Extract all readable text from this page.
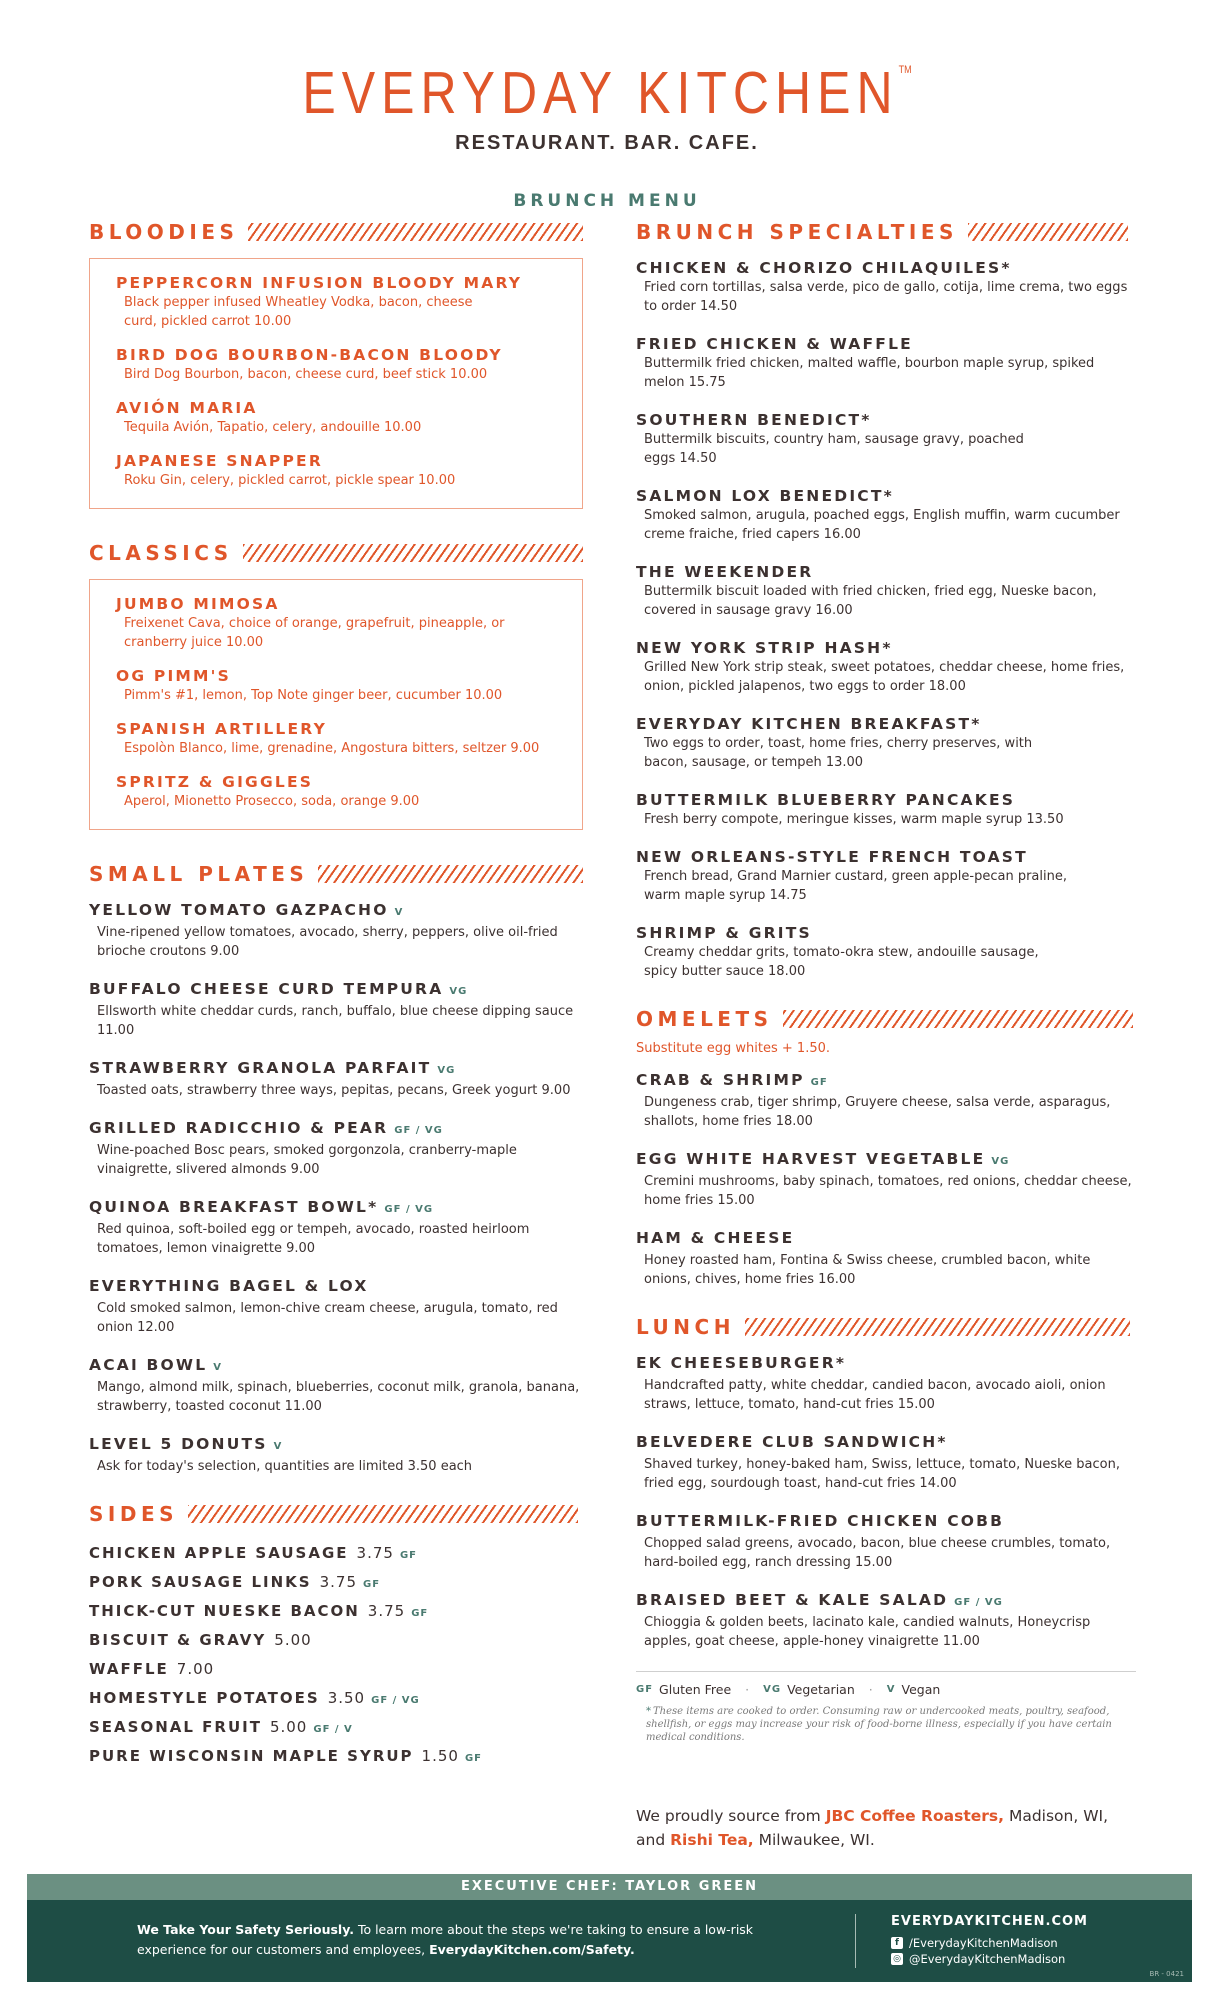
EVERYDAY KITCHEN™
RESTAURANT. BAR. CAFE.
BRUNCH MENU
BLOODIES
PEPPERCORN INFUSION BLOODY MARY
Black pepper infused Wheatley Vodka, bacon, cheese curd, pickled carrot 10.00
BIRD DOG BOURBON-BACON BLOODY
Bird Dog Bourbon, bacon, cheese curd, beef stick 10.00
AVIÓN MARIA
Tequila Avión, Tapatio, celery, andouille 10.00
JAPANESE SNAPPER
Roku Gin, celery, pickled carrot, pickle spear 10.00
CLASSICS
JUMBO MIMOSA
Freixenet Cava, choice of orange, grapefruit, pineapple, or cranberry juice 10.00
OG PIMM'S
Pimm's #1, lemon, Top Note ginger beer, cucumber 10.00
SPANISH ARTILLERY
Espolòn Blanco, lime, grenadine, Angostura bitters, seltzer 9.00
SPRITZ & GIGGLES
Aperol, Mionetto Prosecco, soda, orange 9.00
SMALL PLATES
YELLOW TOMATO GAZPACHO V
Vine-ripened yellow tomatoes, avocado, sherry, peppers, olive oil-fried brioche croutons 9.00
BUFFALO CHEESE CURD TEMPURA VG
Ellsworth white cheddar curds, ranch, buffalo, blue cheese dipping sauce 11.00
STRAWBERRY GRANOLA PARFAIT VG
Toasted oats, strawberry three ways, pepitas, pecans, Greek yogurt 9.00
GRILLED RADICCHIO & PEAR GF / VG
Wine-poached Bosc pears, smoked gorgonzola, cranberry-maple vinaigrette, slivered almonds 9.00
QUINOA BREAKFAST BOWL* GF / VG
Red quinoa, soft-boiled egg or tempeh, avocado, roasted heirloom tomatoes, lemon vinaigrette 9.00
EVERYTHING BAGEL & LOX
Cold smoked salmon, lemon-chive cream cheese, arugula, tomato, red onion 12.00
ACAI BOWL V
Mango, almond milk, spinach, blueberries, coconut milk, granola, banana, strawberry, toasted coconut 11.00
LEVEL 5 DONUTS V
Ask for today's selection, quantities are limited 3.50 each
SIDES
CHICKEN APPLE SAUSAGE 3.75 GF
PORK SAUSAGE LINKS 3.75 GF
THICK-CUT NUESKE BACON 3.75 GF
BISCUIT & GRAVY 5.00
WAFFLE 7.00
HOMESTYLE POTATOES 3.50 GF / VG
SEASONAL FRUIT 5.00 GF / V
PURE WISCONSIN MAPLE SYRUP 1.50 GF
BRUNCH SPECIALTIES
CHICKEN & CHORIZO CHILAQUILES*
Fried corn tortillas, salsa verde, pico de gallo, cotija, lime crema, two eggs to order 14.50
FRIED CHICKEN & WAFFLE
Buttermilk fried chicken, malted waffle, bourbon maple syrup, spiked melon 15.75
SOUTHERN BENEDICT*
Buttermilk biscuits, country ham, sausage gravy, poached eggs 14.50
SALMON LOX BENEDICT*
Smoked salmon, arugula, poached eggs, English muffin, warm cucumber creme fraiche, fried capers 16.00
THE WEEKENDER
Buttermilk biscuit loaded with fried chicken, fried egg, Nueske bacon, covered in sausage gravy 16.00
NEW YORK STRIP HASH*
Grilled New York strip steak, sweet potatoes, cheddar cheese, home fries, onion, pickled jalapenos, two eggs to order 18.00
EVERYDAY KITCHEN BREAKFAST*
Two eggs to order, toast, home fries, cherry preserves, with bacon, sausage, or tempeh 13.00
BUTTERMILK BLUEBERRY PANCAKES
Fresh berry compote, meringue kisses, warm maple syrup 13.50
NEW ORLEANS-STYLE FRENCH TOAST
French bread, Grand Marnier custard, green apple-pecan praline, warm maple syrup 14.75
SHRIMP & GRITS
Creamy cheddar grits, tomato-okra stew, andouille sausage, spicy butter sauce 18.00
OMELETS
Substitute egg whites + 1.50.
CRAB & SHRIMP GF
Dungeness crab, tiger shrimp, Gruyere cheese, salsa verde, asparagus, shallots, home fries 18.00
EGG WHITE HARVEST VEGETABLE VG
Cremini mushrooms, baby spinach, tomatoes, red onions, cheddar cheese, home fries 15.00
HAM & CHEESE
Honey roasted ham, Fontina & Swiss cheese, crumbled bacon, white onions, chives, home fries 16.00
LUNCH
EK CHEESEBURGER*
Handcrafted patty, white cheddar, candied bacon, avocado aioli, onion straws, lettuce, tomato, hand-cut fries 15.00
BELVEDERE CLUB SANDWICH*
Shaved turkey, honey-baked ham, Swiss, lettuce, tomato, Nueske bacon, fried egg, sourdough toast, hand-cut fries 14.00
BUTTERMILK-FRIED CHICKEN COBB
Chopped salad greens, avocado, bacon, blue cheese crumbles, tomato, hard-boiled egg, ranch dressing 15.00
BRAISED BEET & KALE SALAD GF / VG
Chioggia & golden beets, lacinato kale, candied walnuts, Honeycrisp apples, goat cheese, apple-honey vinaigrette 11.00
GF Gluten Free · VG Vegetarian · V Vegan
* These items are cooked to order. Consuming raw or undercooked meats, poultry, seafood, shellfish, or eggs may increase your risk of food-borne illness, especially if you have certain medical conditions.
We proudly source from JBC Coffee Roasters, Madison, WI, and Rishi Tea, Milwaukee, WI.
EXECUTIVE CHEF: TAYLOR GREEN
We Take Your Safety Seriously. To learn more about the steps we're taking to ensure a low-risk experience for our customers and employees, EverydayKitchen.com/Safety.
EVERYDAYKITCHEN.COM
f /EverydayKitchenMadison
◎ @EverydayKitchenMadison
BR - 0421
